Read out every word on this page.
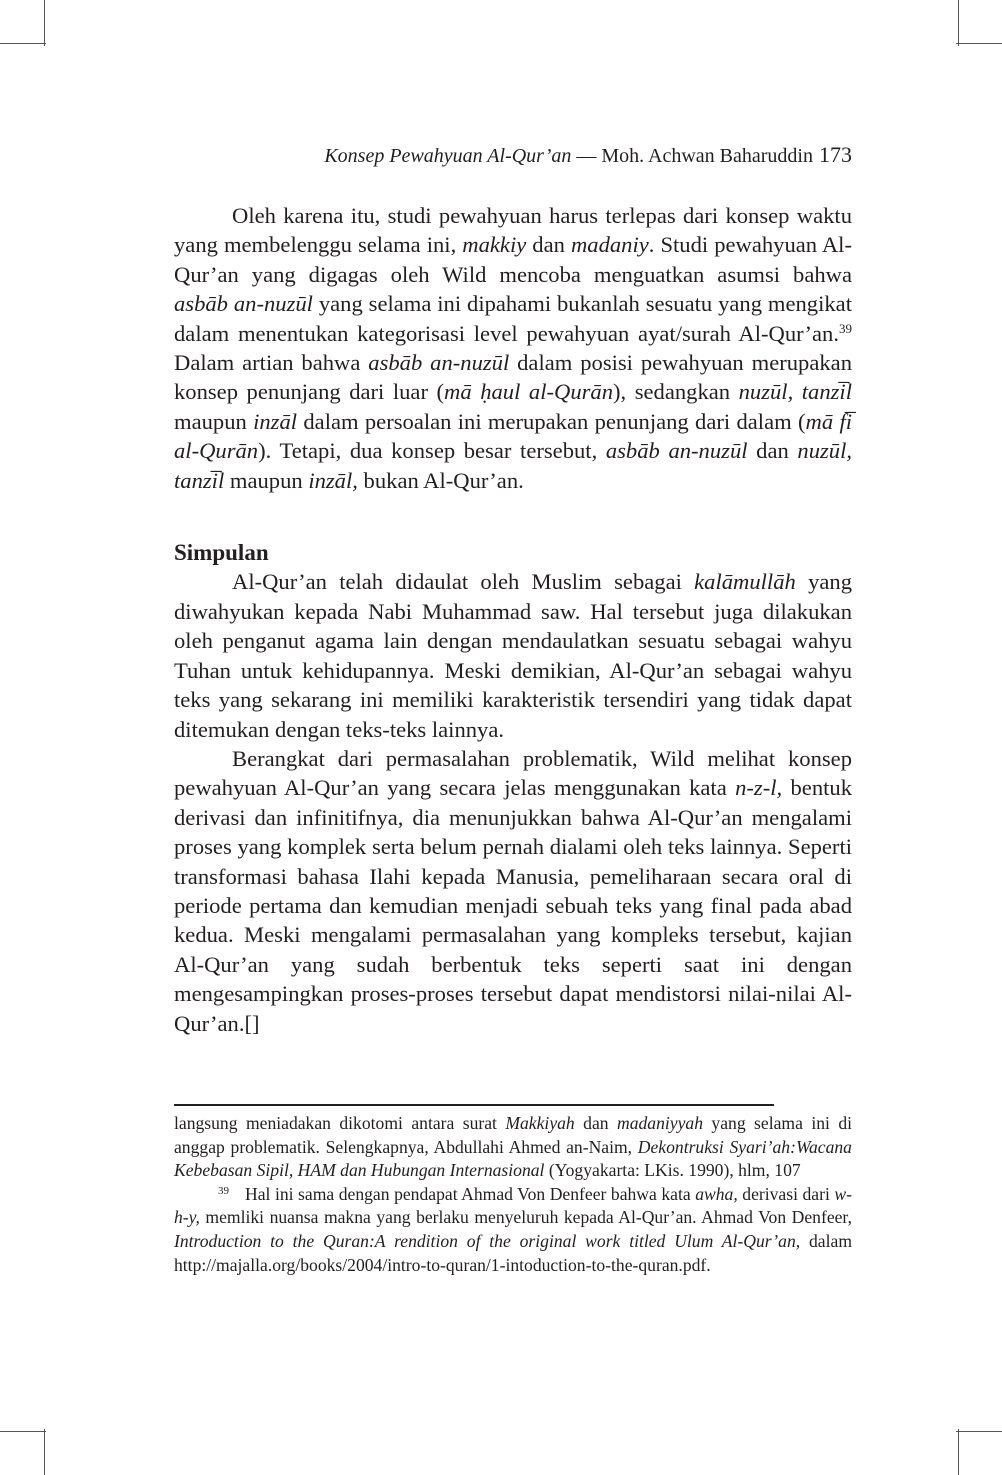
Konsep Pewahyuan Al-Qur’an — Moh. Achwan Baharuddin 173

Oleh karena itu, studi pewahyuan harus terlepas dari konsep waktu yang membelenggu selama ini, makkiy dan madaniy. Studi pewahyuan Al-Qur’an yang digagas oleh Wild mencoba menguatkan asumsi bahwa asbāb an-nuzūl yang selama ini dipahami bukanlah sesuatu yang mengikat dalam menentukan kategorisasi level pewahyuan ayat/surah Al-Qur’an.$^{39}$ Dalam artian bahwa asbāb an-nuzūl dalam posisi pewahyuan merupakan konsep penunjang dari luar (mā ḥaul al-Qurān), sedangkan nuzūl, tanzi̅l maupun inzāl dalam persoalan ini merupakan penunjang dari dalam (mā fi̅ al-Qurān). Tetapi, dua konsep besar tersebut, asbāb an-nuzūl dan nuzūl, tanzi̅l maupun inzāl, bukan Al-Qur’an.

Simpulan

Al-Qur’an telah didaulat oleh Muslim sebagai kalāmullāh yang diwahyukan kepada Nabi Muhammad saw. Hal tersebut juga dilakukan oleh penganut agama lain dengan mendaulatkan sesuatu sebagai wahyu Tuhan untuk kehidupannya. Meski demikian, Al-Qur’an sebagai wahyu teks yang sekarang ini memiliki karakteristik tersendiri yang tidak dapat ditemukan dengan teks-teks lainnya.

Berangkat dari permasalahan problematik, Wild melihat konsep pewahyuan Al-Qur’an yang secara jelas menggunakan kata n-z-l, bentuk derivasi dan infinitifnya, dia menunjukkan bahwa Al-Qur’an mengalami proses yang komplek serta belum pernah dialami oleh teks lainnya. Seperti transformasi bahasa Ilahi kepada Manusia, pemeliharaan secara oral di periode pertama dan kemudian menjadi sebuah teks yang final pada abad kedua. Meski mengalami permasalahan yang kompleks tersebut, kajian Al-Qur’an yang sudah berbentuk teks seperti saat ini dengan mengesampingkan proses-proses tersebut dapat mendistorsi nilai-nilai Al-Qur’an.[]

langsung meniadakan dikotomi antara surat Makkiyah dan madaniyyah yang selama ini di anggap problematik. Selengkapnya, Abdullahi Ahmed an-Naim, Dekontruksi Syari’ah:Wacana Kebebasan Sipil, HAM dan Hubungan Internasional (Yogyakarta: LKis. 1990), hlm, 107

$^{39}$ Hal ini sama dengan pendapat Ahmad Von Denfeer bahwa kata awha, derivasi dari w-h-y, memliki nuansa makna yang berlaku menyeluruh kepada Al-Qur’an. Ahmad Von Denfeer, Introduction to the Quran:A rendition of the original work titled Ulum Al-Qur’an, dalam http://majalla.org/books/2004/intro-to-quran/1-intoduction-to-the-quran.pdf.
